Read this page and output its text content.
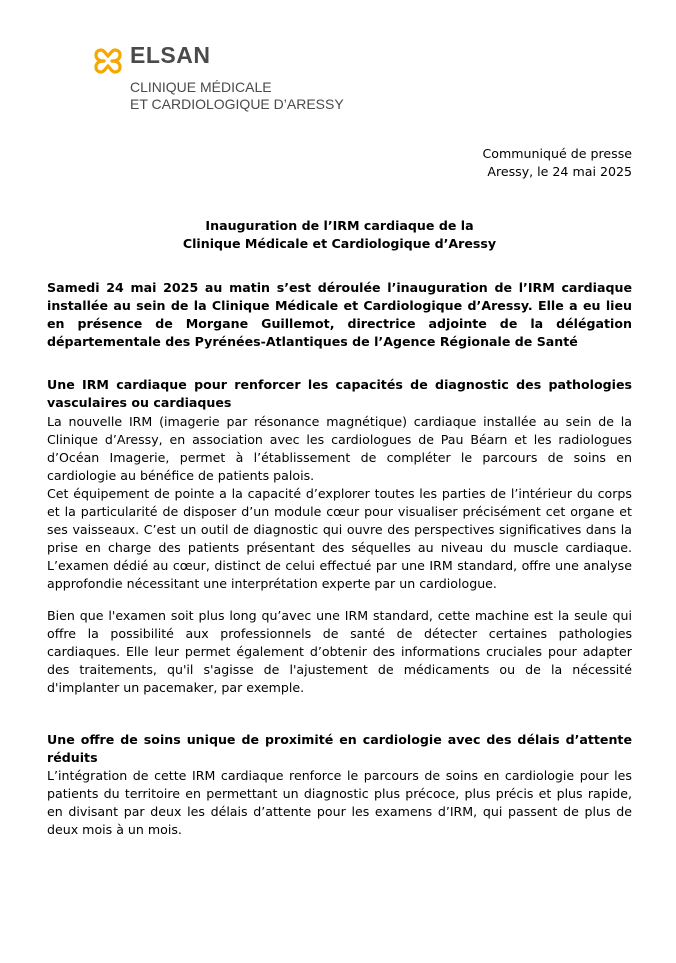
ELSAN
CLINIQUE MÉDICALE
ET CARDIOLOGIQUE D’ARESSY
Communiqué de presse
Aressy, le 24 mai 2025
Inauguration de l’IRM cardiaque de la
Clinique Médicale et Cardiologique d’Aressy

Samedi 24 mai 2025 au matin s’est déroulée l’inauguration de l’IRM cardiaque installée au sein de la Clinique Médicale et Cardiologique d’Aressy. Elle a eu lieu en présence de Morgane Guillemot, directrice adjointe de la délégation départementale des Pyrénées-Atlantiques de l’Agence Régionale de Santé

Une IRM cardiaque pour renforcer les capacités de diagnostic des pathologies vasculaires ou cardiaques

La nouvelle IRM (imagerie par résonance magnétique) cardiaque installée au sein de la Clinique d’Aressy, en association avec les cardiologues de Pau Béarn et les radiologues d’Océan Imagerie, permet à l’établissement de compléter le parcours de soins en cardiologie au bénéfice de patients palois.

Cet équipement de pointe a la capacité d’explorer toutes les parties de l’intérieur du corps et la particularité de disposer d’un module cœur pour visualiser précisément cet organe et ses vaisseaux. C’est un outil de diagnostic qui ouvre des perspectives significatives dans la prise en charge des patients présentant des séquelles au niveau du muscle cardiaque. L’examen dédié au cœur, distinct de celui effectué par une IRM standard, offre une analyse approfondie nécessitant une interprétation experte par un cardiologue.

Bien que l'examen soit plus long qu’avec une IRM standard, cette machine est la seule qui offre la possibilité aux professionnels de santé de détecter certaines pathologies cardiaques. Elle leur permet également d’obtenir des informations cruciales pour adapter des traitements, qu'il s'agisse de l'ajustement de médicaments ou de la nécessité d'implanter un pacemaker, par exemple.

Une offre de soins unique de proximité en cardiologie avec des délais d’attente réduits

L’intégration de cette IRM cardiaque renforce le parcours de soins en cardiologie pour les patients du territoire en permettant un diagnostic plus précoce, plus précis et plus rapide, en divisant par deux les délais d’attente pour les examens d’IRM, qui passent de plus de deux mois à un mois.
